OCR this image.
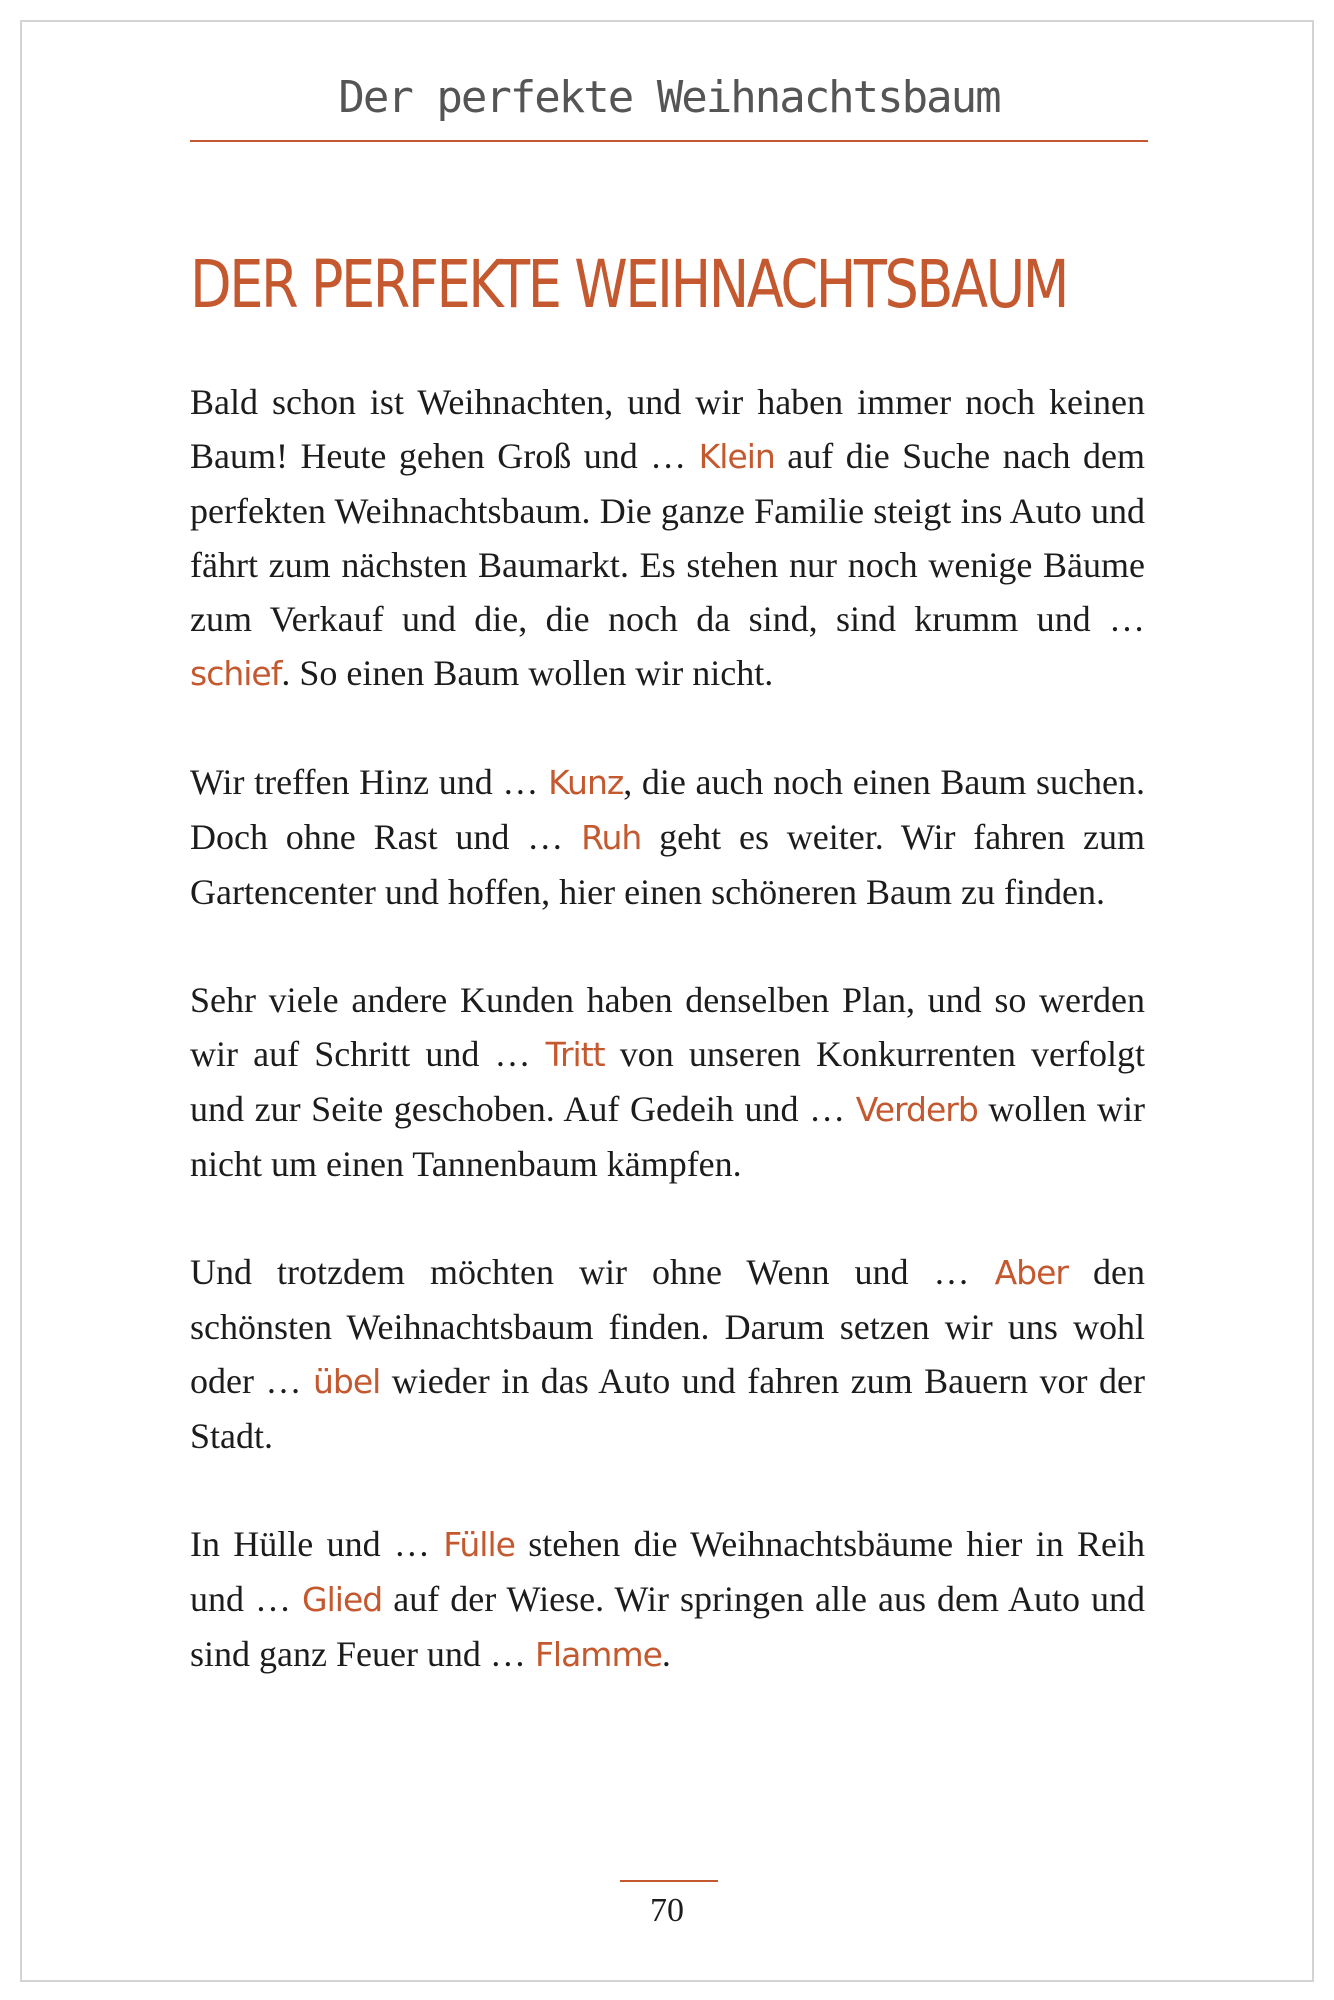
Der perfekte Weihnachtsbaum
DER PERFEKTE WEIHNACHTSBAUM

Bald schon ist Weihnachten, und wir haben immer noch keinen Baum! Heute gehen Groß und … Klein auf die Suche nach dem perfekten Weihnachtsbaum. Die ganze Familie steigt ins Auto und fährt zum nächsten Baumarkt. Es stehen nur noch wenige Bäume zum Verkauf und die, die noch da sind, sind krumm und … schief. So einen Baum wollen wir nicht.

Wir treffen Hinz und … Kunz, die auch noch einen Baum suchen. Doch ohne Rast und … Ruh geht es weiter. Wir fahren zum Gartencenter und hoffen, hier einen schöneren Baum zu finden.

Sehr viele andere Kunden haben denselben Plan, und so werden wir auf Schritt und … Tritt von unseren Konkurrenten verfolgt und zur Seite geschoben. Auf Gedeih und … Verderb wollen wir nicht um einen Tannenbaum kämpfen.

Und trotzdem möchten wir ohne Wenn und … Aber den schönsten Weihnachtsbaum finden. Darum setzen wir uns wohl oder … übel wieder in das Auto und fahren zum Bauern vor der Stadt.

In Hülle und … Fülle stehen die Weihnachtsbäume hier in Reih und … Glied auf der Wiese. Wir springen alle aus dem Auto und sind ganz Feuer und … Flamme.

70
